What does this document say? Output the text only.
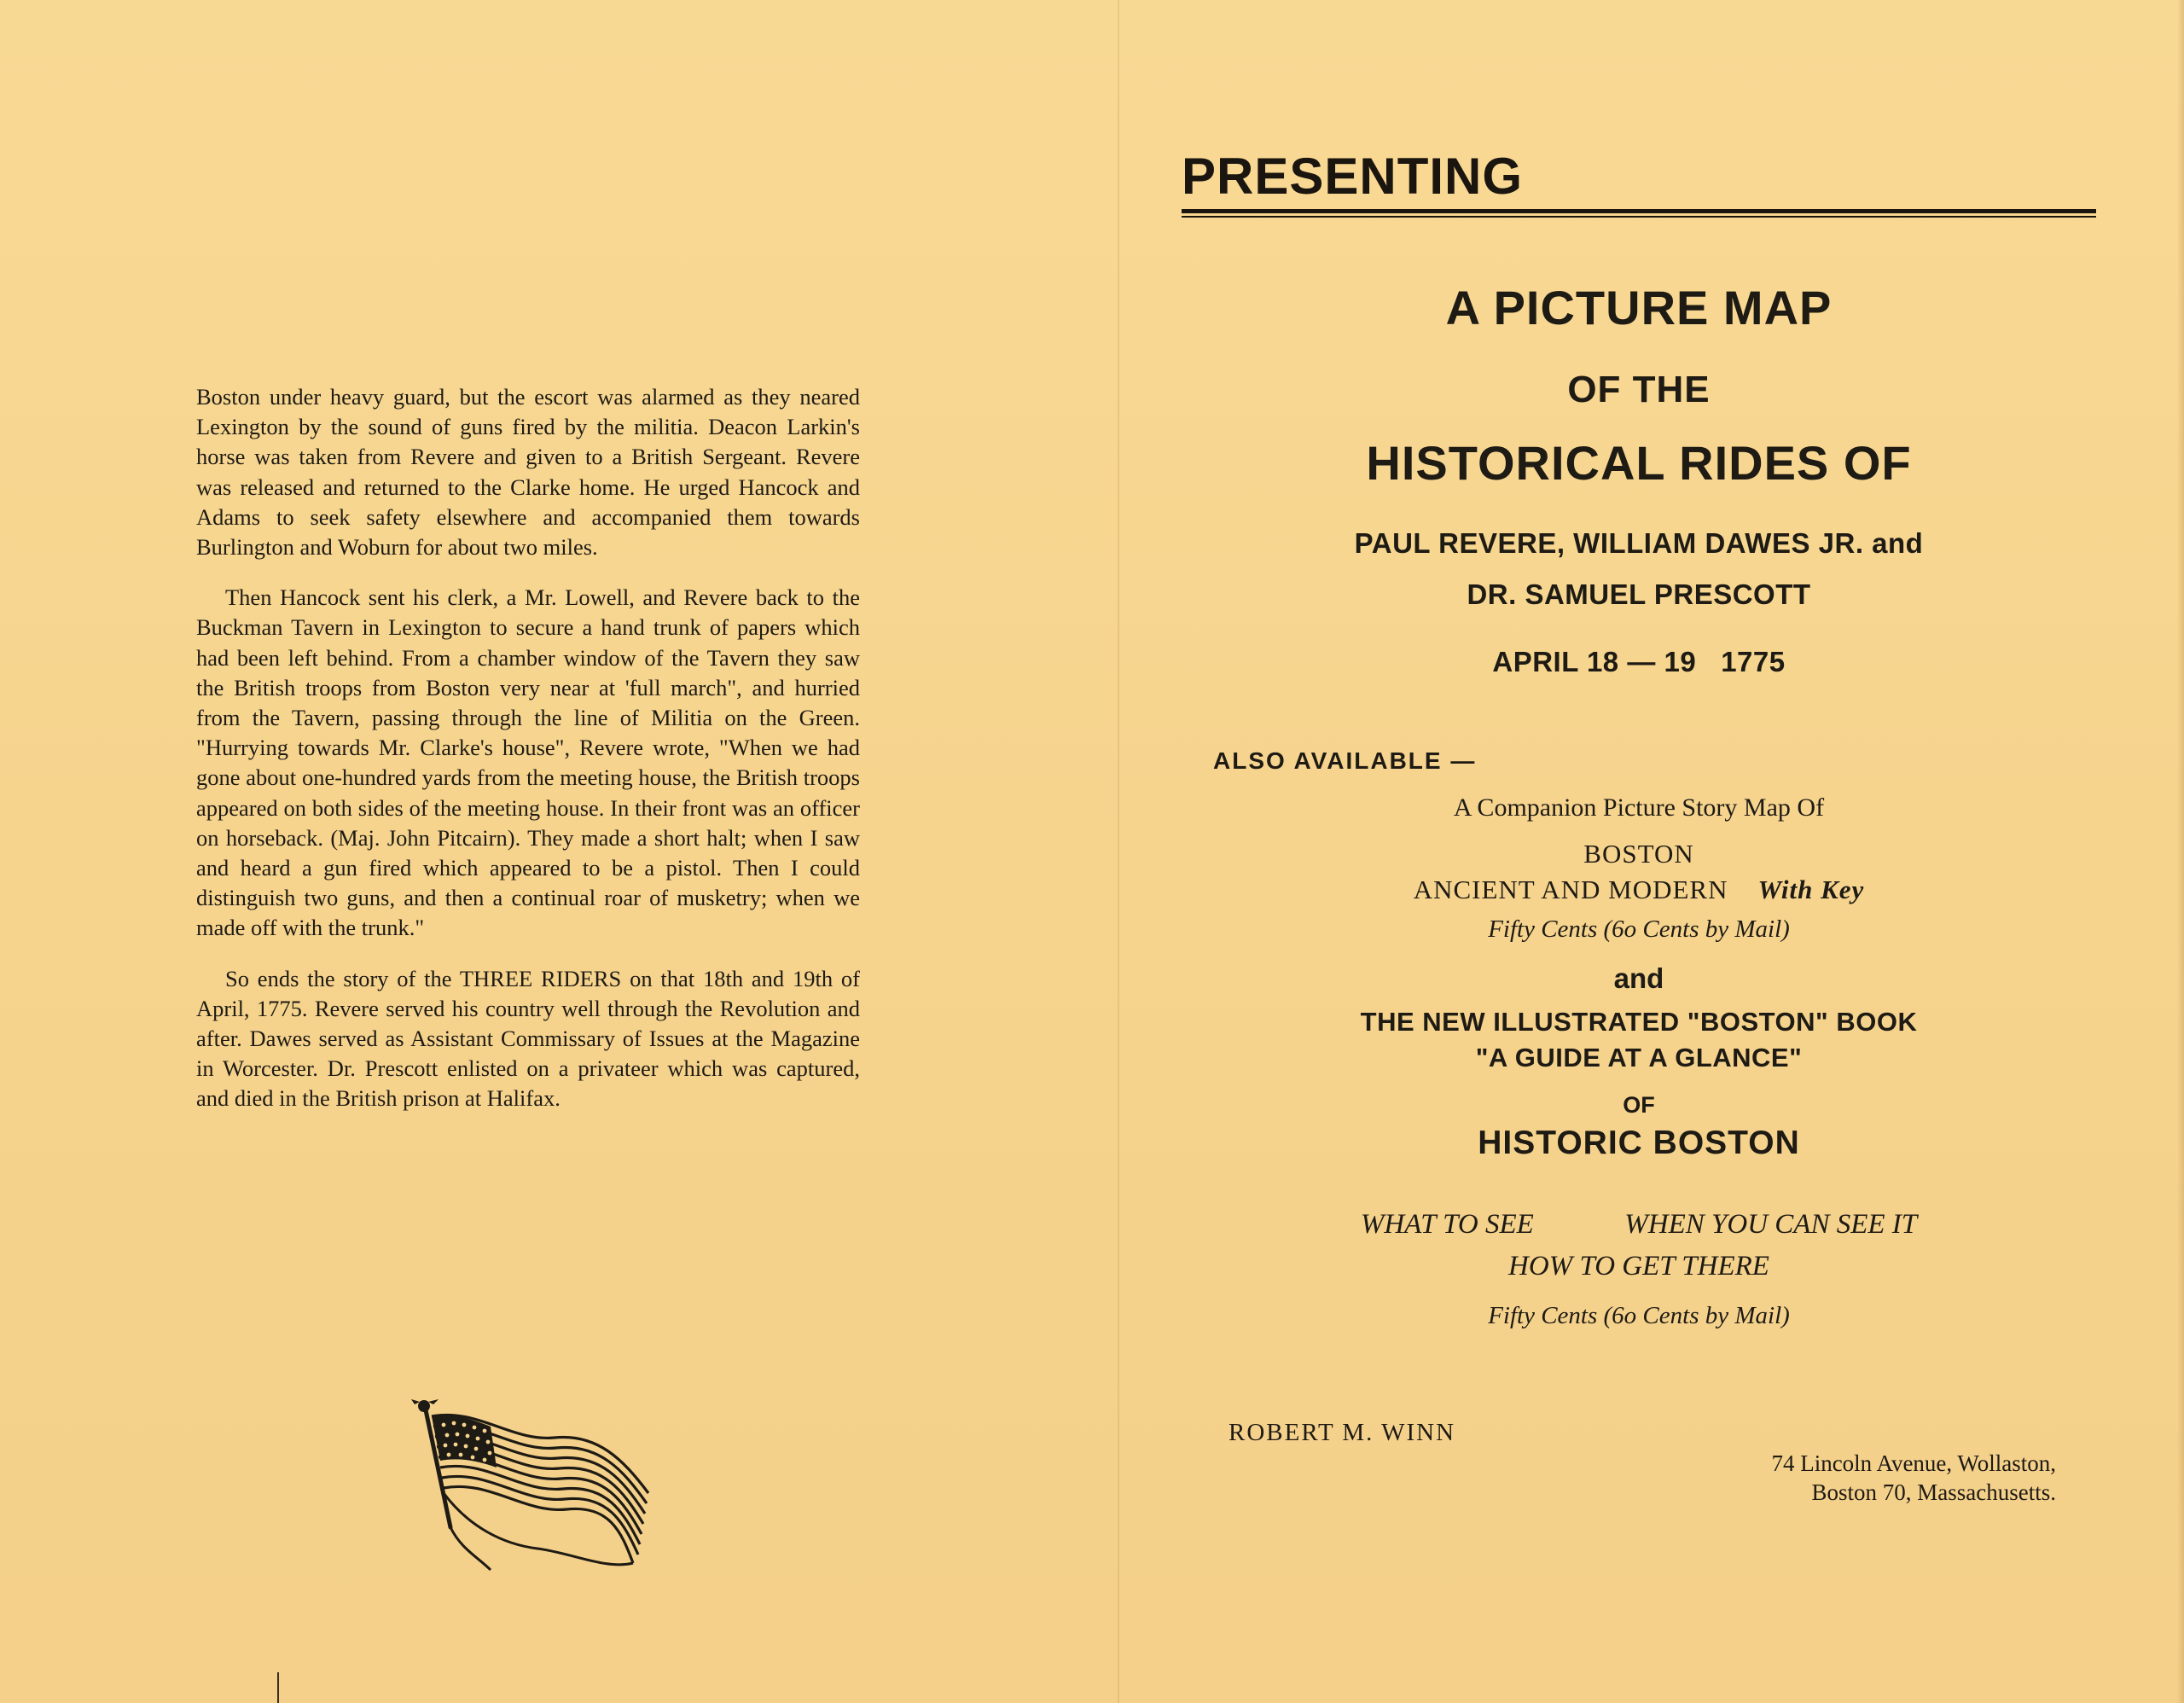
Boston under heavy guard, but the escort was alarmed as they neared Lexington by the sound of guns fired by the militia. Deacon Larkin's horse was taken from Revere and given to a British Sergeant. Revere was released and returned to the Clarke home. He urged Hancock and Adams to seek safety elsewhere and accompanied them towards Burlington and Woburn for about two miles.

Then Hancock sent his clerk, a Mr. Lowell, and Revere back to the Buckman Tavern in Lexington to secure a hand trunk of papers which had been left behind. From a chamber window of the Tavern they saw the British troops from Boston very near at 'full march", and hurried from the Tavern, passing through the line of Militia on the Green. "Hurrying towards Mr. Clarke's house", Revere wrote, "When we had gone about one-hundred yards from the meeting house, the British troops appeared on both sides of the meeting house. In their front was an officer on horseback. (Maj. John Pitcairn). They made a short halt; when I saw and heard a gun fired which appeared to be a pistol. Then I could distinguish two guns, and then a continual roar of musketry; when we made off with the trunk."

So ends the story of the THREE RIDERS on that 18th and 19th of April, 1775. Revere served his country well through the Revolution and after. Dawes served as Assistant Commissary of Issues at the Magazine in Worcester. Dr. Prescott enlisted on a privateer which was captured, and died in the British prison at Halifax.

PRESENTING
A PICTURE MAP
OF THE
HISTORICAL RIDES OF
PAUL REVERE, WILLIAM DAWES JR. and
DR. SAMUEL PRESCOTT
APRIL 18 — 19   1775
ALSO AVAILABLE —
A Companion Picture Story Map Of
BOSTON
ANCIENT AND MODERN With Key
Fifty Cents (6o Cents by Mail)
and
THE NEW ILLUSTRATED "BOSTON" BOOK
"A GUIDE AT A GLANCE"
OF
HISTORIC BOSTON
WHAT TO SEE	WHEN YOU CAN SEE IT
HOW TO GET THERE
Fifty Cents (6o Cents by Mail)
ROBERT M. WINN
74 Lincoln Avenue, Wollaston,
Boston 70, Massachusetts.
